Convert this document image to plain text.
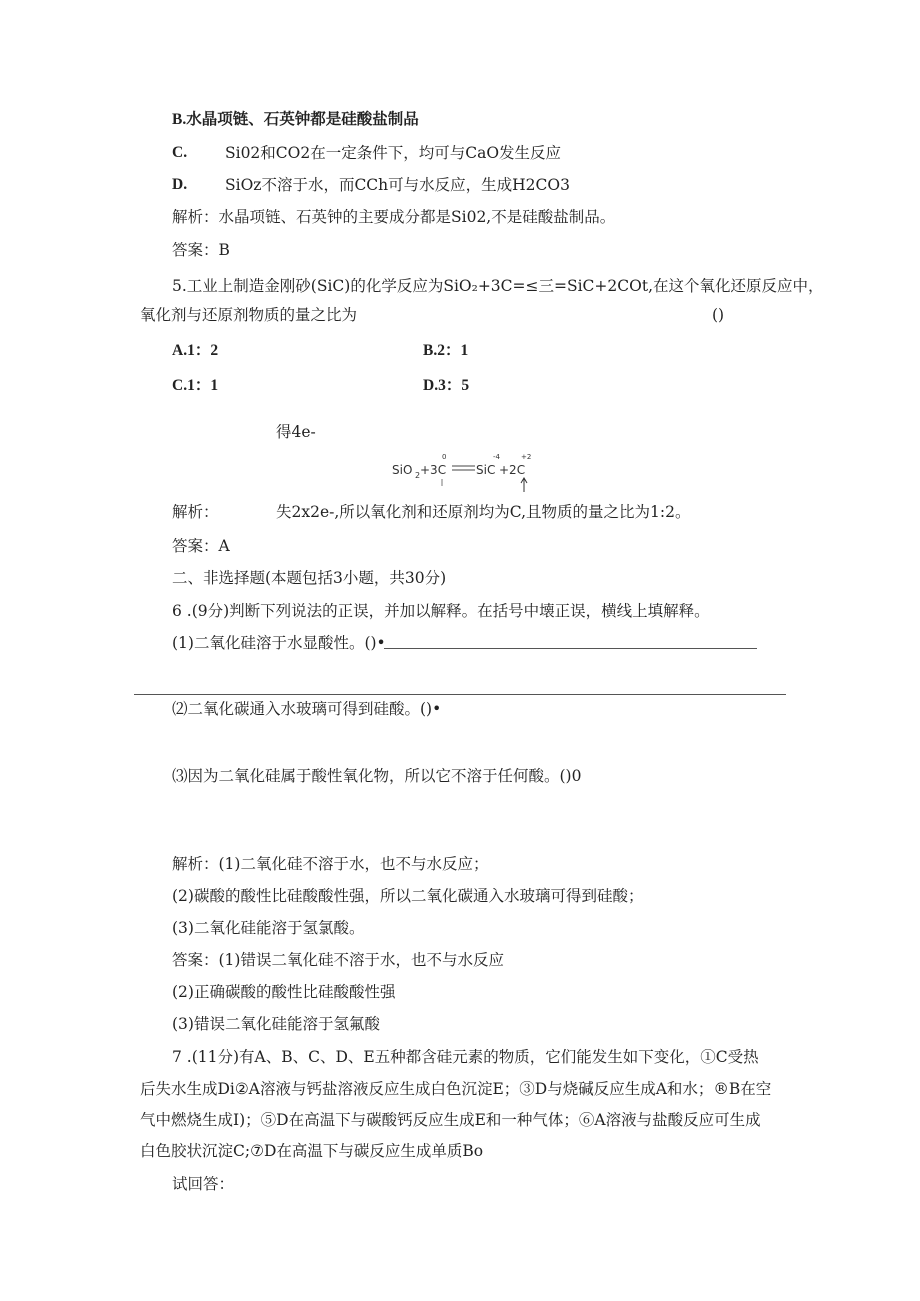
B.水晶项链、石英钟都是硅酸盐制品
C. Si02和CO2在一定条件下，均可与CaO发生反应
D. SiOz不溶于水，而CCh可与水反应，生成H2CO3
解析：水晶项链、石英钟的主要成分都是Si02,不是硅酸盐制品。
答案：B
5.工业上制造金刚砂(SiC)的化学反应为SiO₂+3C=≤三=SiC+2COt,在这个氧化还原反应中，
氧化剂与还原剂物质的量之比为	()
A.1：2	B.2：1
C.1：1	D.3：5
得4e-
SiO 2 +3C
0
SiC
-4
+2C
+2
解析：	失2x2e-,所以氧化剂和还原剂均为C,且物质的量之比为1:2。
答案：A
二、非选择题(本题包括3小题，共30分)
6 .(9分)判断下列说法的正误，并加以解释。在括号中壊正误，横线上填解释。
(1)二氧化硅溶于水显酸性。()•
⑵二氧化碳通入水玻璃可得到硅酸。()•
⑶因为二氧化硅属于酸性氧化物，所以它不溶于任何酸。()0
解析：(1)二氧化硅不溶于水，也不与水反应；
(2)碳酸的酸性比硅酸酸性强，所以二氧化碳通入水玻璃可得到硅酸；
(3)二氧化硅能溶于氢氯酸。
答案：(1)错误二氧化硅不溶于水，也不与水反应
(2)正确碳酸的酸性比硅酸酸性强
(3)错误二氧化硅能溶于氢氟酸
7 .(11分)有A、B、C、D、E五种都含硅元素的物质，它们能发生如下变化，①C受热
后失水生成Di②A溶液与钙盐溶液反应生成白色沉淀E；③D与烧碱反应生成A和水；®B在空
气中燃烧生成I)；⑤D在高温下与碳酸钙反应生成E和一种气体；⑥A溶液与盐酸反应可生成
白色胶状沉淀C;⑦D在高温下与碳反应生成单质Bo
试回答：
